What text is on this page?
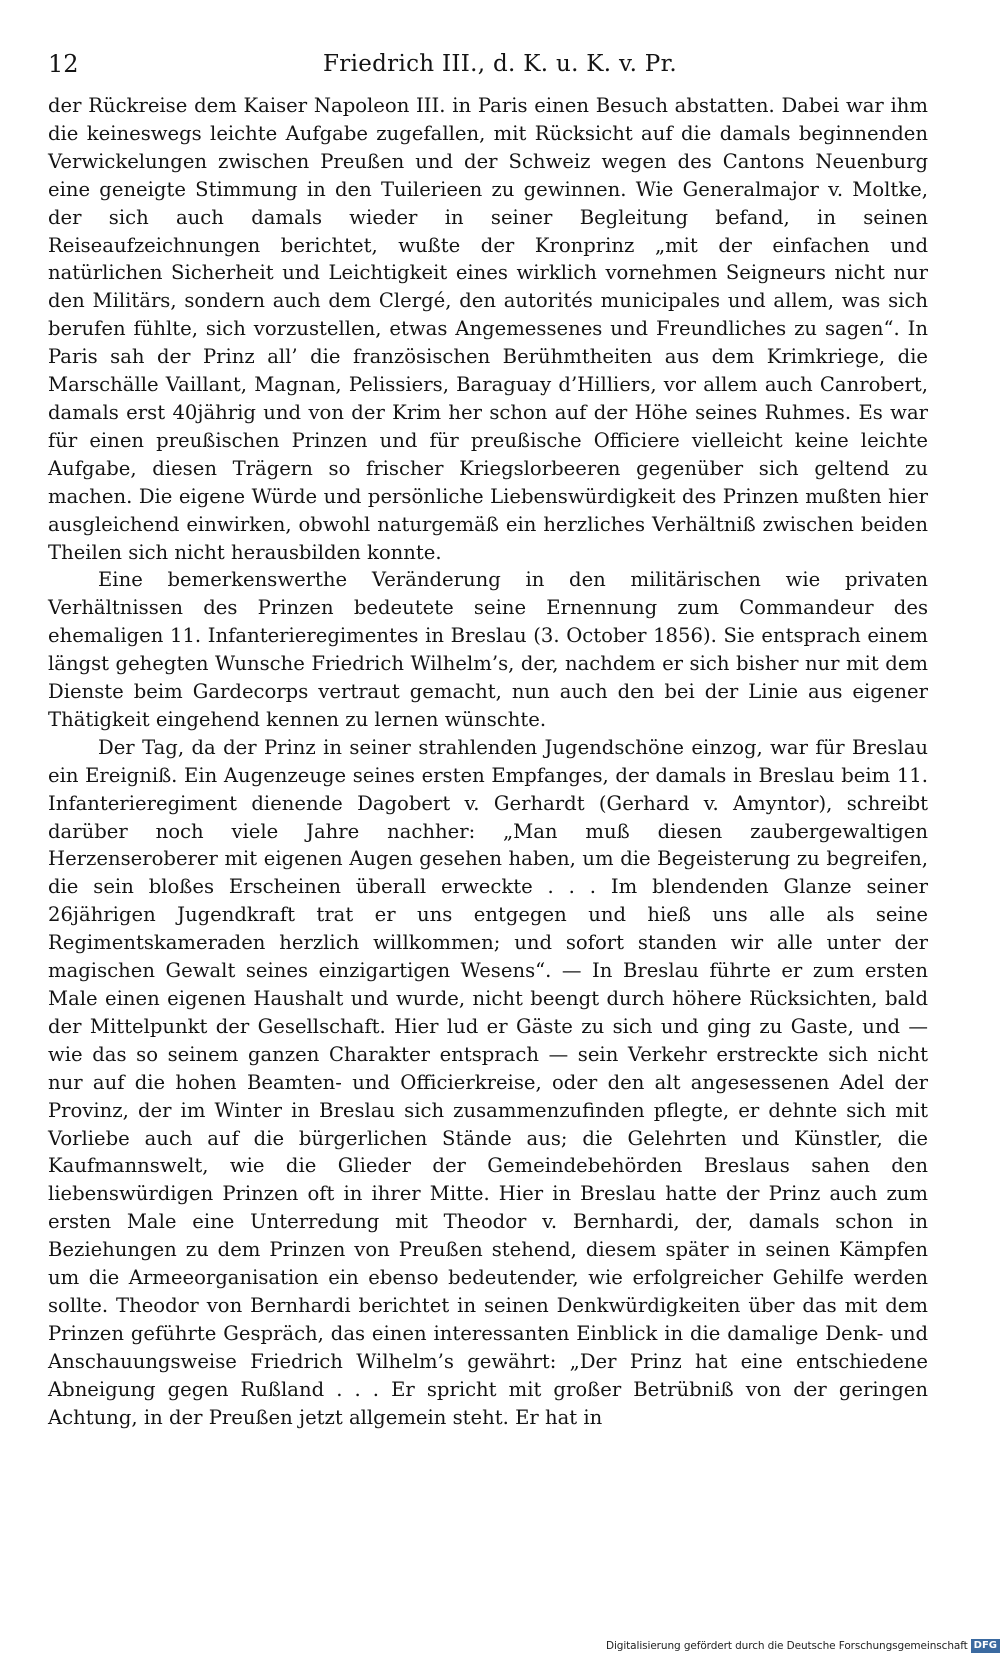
12	Friedrich III., d. K. u. K. v. Pr.

der Rückreise dem Kaiser Napoleon III. in Paris einen Besuch abstatten. Dabei war ihm die keineswegs leichte Aufgabe zugefallen, mit Rücksicht auf die damals beginnenden Verwickelungen zwischen Preußen und der Schweiz wegen des Cantons Neuenburg eine geneigte Stimmung in den Tuilerieen zu gewinnen. Wie Generalmajor v. Moltke, der sich auch damals wieder in seiner Begleitung befand, in seinen Reiseaufzeichnungen berichtet, wußte der Kronprinz „mit der einfachen und natürlichen Sicherheit und Leichtigkeit eines wirklich vornehmen Seigneurs nicht nur den Militärs, sondern auch dem Clergé, den autorités municipales und allem, was sich berufen fühlte, sich vorzustellen, etwas Angemessenes und Freundliches zu sagen“. In Paris sah der Prinz all’ die französischen Berühmtheiten aus dem Krimkriege, die Marschälle Vaillant, Magnan, Pelissiers, Baraguay d’Hilliers, vor allem auch Canrobert, damals erst 40jährig und von der Krim her schon auf der Höhe seines Ruhmes. Es war für einen preußischen Prinzen und für preußische Officiere vielleicht keine leichte Aufgabe, diesen Trägern so frischer Kriegslorbeeren gegenüber sich geltend zu machen. Die eigene Würde und persönliche Liebenswürdigkeit des Prinzen mußten hier ausgleichend einwirken, obwohl naturgemäß ein herzliches Verhältniß zwischen beiden Theilen sich nicht herausbilden konnte.

Eine bemerkenswerthe Veränderung in den militärischen wie privaten Verhältnissen des Prinzen bedeutete seine Ernennung zum Commandeur des ehemaligen 11. Infanterieregimentes in Breslau (3. October 1856). Sie entsprach einem längst gehegten Wunsche Friedrich Wilhelm’s, der, nachdem er sich bisher nur mit dem Dienste beim Gardecorps vertraut gemacht, nun auch den bei der Linie aus eigener Thätigkeit eingehend kennen zu lernen wünschte.

Der Tag, da der Prinz in seiner strahlenden Jugendschöne einzog, war für Breslau ein Ereigniß. Ein Augenzeuge seines ersten Empfanges, der damals in Breslau beim 11. Infanterieregiment dienende Dagobert v. Gerhardt (Gerhard v. Amyntor), schreibt darüber noch viele Jahre nachher: „Man muß diesen zaubergewaltigen Herzenseroberer mit eigenen Augen gesehen haben, um die Begeisterung zu begreifen, die sein bloßes Erscheinen überall erweckte . . . Im blendenden Glanze seiner 26jährigen Jugendkraft trat er uns entgegen und hieß uns alle als seine Regimentskameraden herzlich willkommen; und sofort standen wir alle unter der magischen Gewalt seines einzigartigen Wesens“. — In Breslau führte er zum ersten Male einen eigenen Haushalt und wurde, nicht beengt durch höhere Rücksichten, bald der Mittelpunkt der Gesellschaft. Hier lud er Gäste zu sich und ging zu Gaste, und — wie das so seinem ganzen Charakter entsprach — sein Verkehr erstreckte sich nicht nur auf die hohen Beamten- und Officierkreise, oder den alt angesessenen Adel der Provinz, der im Winter in Breslau sich zusammenzufinden pflegte, er dehnte sich mit Vorliebe auch auf die bürgerlichen Stände aus; die Gelehrten und Künstler, die Kaufmannswelt, wie die Glieder der Gemeindebehörden Breslaus sahen den liebenswürdigen Prinzen oft in ihrer Mitte. Hier in Breslau hatte der Prinz auch zum ersten Male eine Unterredung mit Theodor v. Bernhardi, der, damals schon in Beziehungen zu dem Prinzen von Preußen stehend, diesem später in seinen Kämpfen um die Armeeorganisation ein ebenso bedeutender, wie erfolgreicher Gehilfe werden sollte. Theodor von Bernhardi berichtet in seinen Denkwürdigkeiten über das mit dem Prinzen geführte Gespräch, das einen interessanten Einblick in die damalige Denk- und Anschauungsweise Friedrich Wilhelm’s gewährt: „Der Prinz hat eine entschiedene Abneigung gegen Rußland . . . Er spricht mit großer Betrübniß von der geringen Achtung, in der Preußen jetzt allgemein steht. Er hat in

Digitalisierung gefördert durch die Deutsche Forschungsgemeinschaft DFG
